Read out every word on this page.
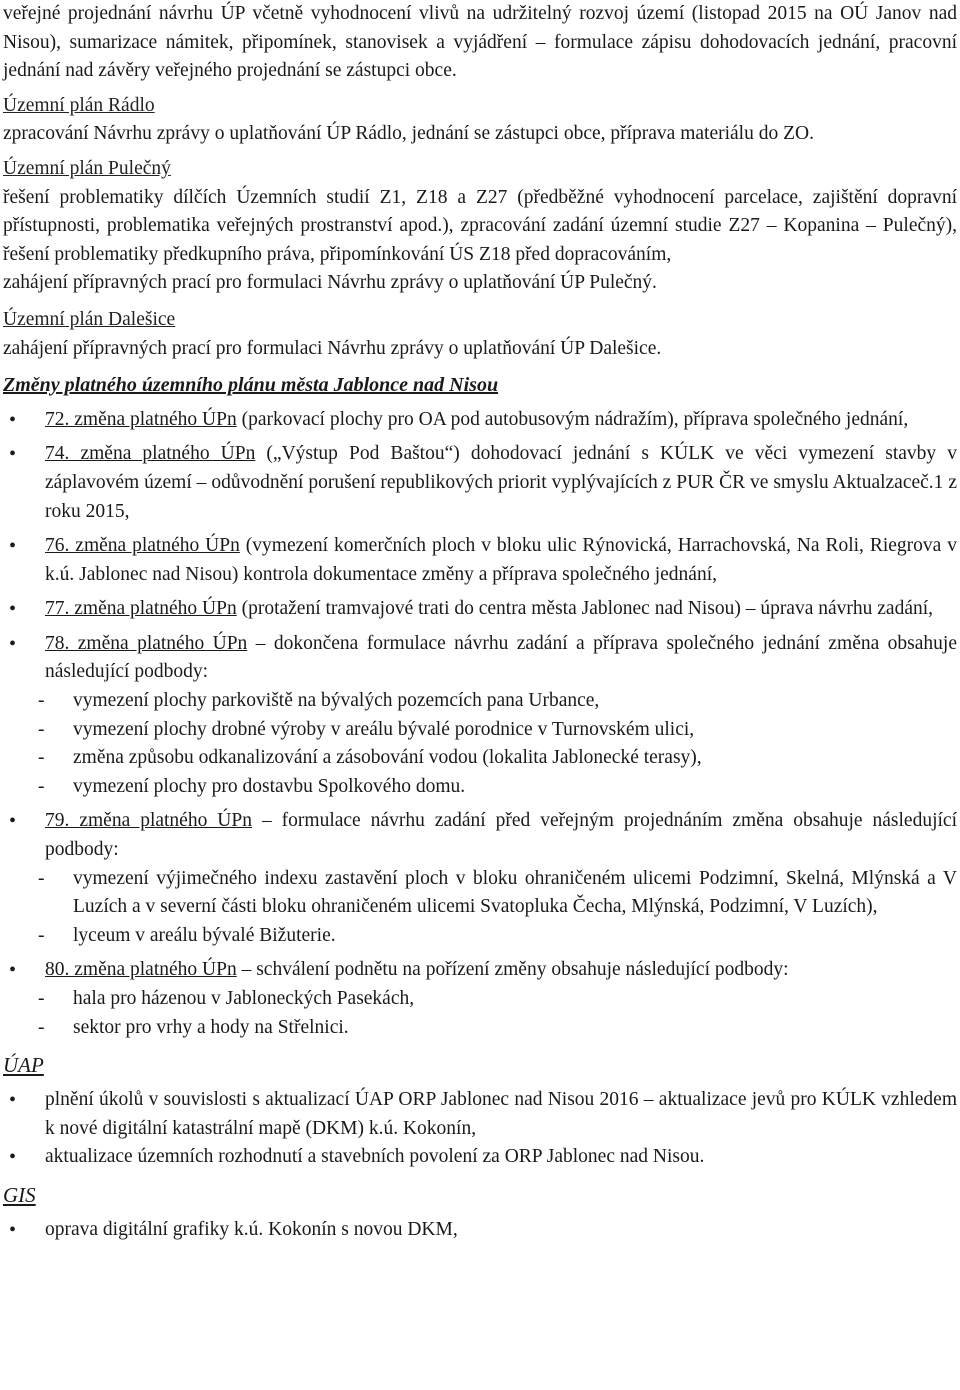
veřejné projednání návrhu ÚP včetně vyhodnocení vlivů na udržitelný rozvoj území (listopad 2015 na OÚ Janov nad Nisou), sumarizace námitek, připomínek, stanovisek a vyjádření – formulace zápisu dohodovacích jednání, pracovní jednání nad závěry veřejného projednání se zástupci obce.

Územní plán Rádlo

zpracování Návrhu zprávy o uplatňování ÚP Rádlo, jednání se zástupci obce, příprava materiálu do ZO.

Územní plán Pulečný

řešení problematiky dílčích Územních studií Z1, Z18 a Z27 (předběžné vyhodnocení parcelace, zajištění dopravní přístupnosti, problematika veřejných prostranství apod.), zpracování zadání územní studie Z27 – Kopanina – Pulečný), řešení problematiky předkupního práva, připomínkování ÚS Z18 před dopracováním,

zahájení přípravných prací pro formulaci Návrhu zprávy o uplatňování ÚP Pulečný.

Územní plán Dalešice

zahájení přípravných prací pro formulaci Návrhu zprávy o uplatňování ÚP Dalešice.

Změny platného územního plánu města Jablonce nad Nisou

• 72. změna platného ÚPn (parkovací plochy pro OA pod autobusovým nádražím), příprava společného jednání,
• 74. změna platného ÚPn („Výstup Pod Baštou“) dohodovací jednání s KÚLK ve věci vymezení stavby v záplavovém území – odůvodnění porušení republikových priorit vyplývajících z PUR ČR ve smyslu Aktualzaceč.1 z roku 2015,
• 76. změna platného ÚPn (vymezení komerčních ploch v bloku ulic Rýnovická, Harrachovská, Na Roli, Riegrova v k.ú. Jablonec nad Nisou) kontrola dokumentace změny a příprava společného jednání,
• 77. změna platného ÚPn (protažení tramvajové trati do centra města Jablonec nad Nisou) – úprava návrhu zadání,
• 78. změna platného ÚPn – dokončena formulace návrhu zadání a příprava společného jednání změna obsahuje následující podbody:
- vymezení plochy parkoviště na bývalých pozemcích pana Urbance,
- vymezení plochy drobné výroby v areálu bývalé porodnice v Turnovském ulici,
- změna způsobu odkanalizování a zásobování vodou (lokalita Jablonecké terasy),
- vymezení plochy pro dostavbu Spolkového domu.
• 79. změna platného ÚPn – formulace návrhu zadání před veřejným projednáním změna obsahuje následující podbody:
- vymezení výjimečného indexu zastavění ploch v bloku ohraničeném ulicemi Podzimní, Skelná, Mlýnská a V Luzích a v severní části bloku ohraničeném ulicemi Svatopluka Čecha, Mlýnská, Podzimní, V Luzích),
- lyceum v areálu bývalé Bižuterie.
• 80. změna platného ÚPn – schválení podnětu na pořízení změny obsahuje následující podbody:
- hala pro házenou v Jabloneckých Pasekách,
- sektor pro vrhy a hody na Střelnici.

ÚAP

• plnění úkolů v souvislosti s aktualizací ÚAP ORP Jablonec nad Nisou 2016 – aktualizace jevů pro KÚLK vzhledem k nové digitální katastrální mapě (DKM) k.ú. Kokonín,
• aktualizace územních rozhodnutí a stavebních povolení za ORP Jablonec nad Nisou.

GIS

• oprava digitální grafiky k.ú. Kokonín s novou DKM,
